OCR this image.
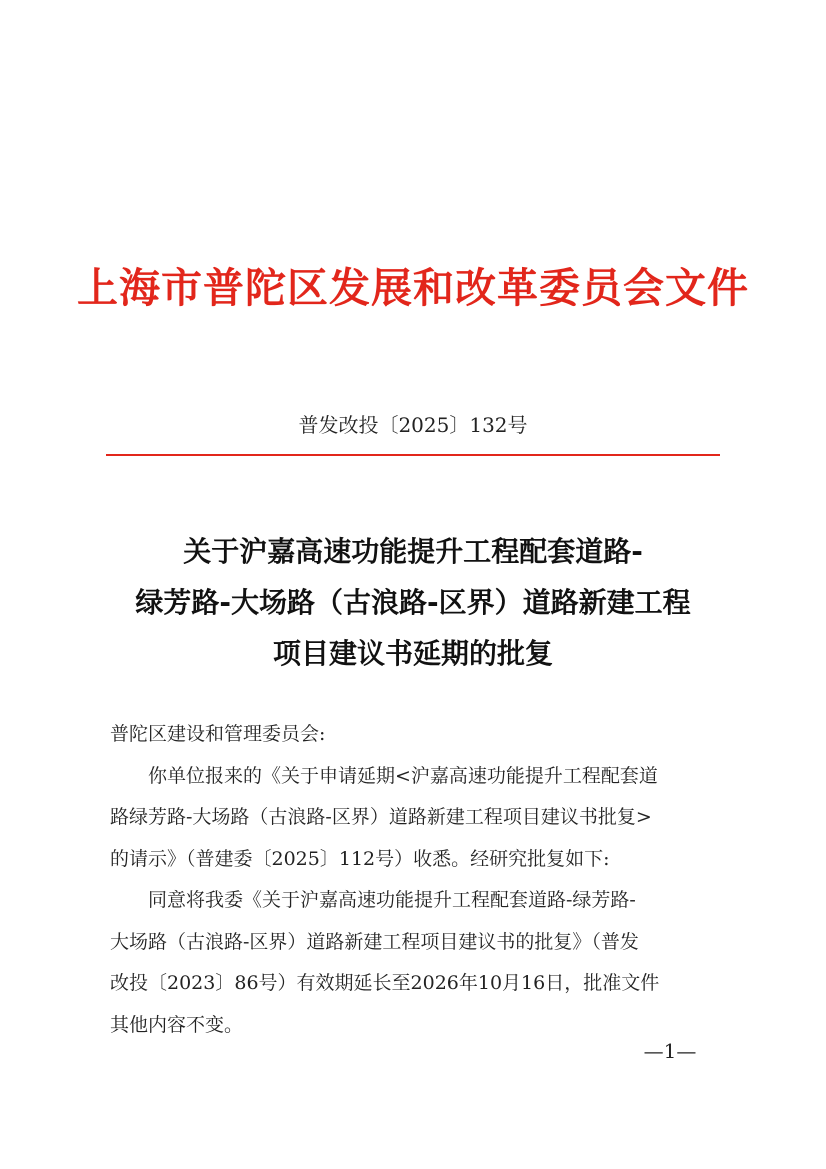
上海市普陀区发展和改革委员会文件
普发改投〔2025〕132号
关于沪嘉高速功能提升工程配套道路-
绿芳路-大场路（古浪路-区界）道路新建工程
项目建议书延期的批复
普陀区建设和管理委员会:
你单位报来的《关于申请延期<沪嘉高速功能提升工程配套道
路绿芳路-大场路（古浪路-区界）道路新建工程项目建议书批复>
的请示》（普建委〔2025〕112号）收悉。经研究批复如下:
同意将我委《关于沪嘉高速功能提升工程配套道路-绿芳路-
大场路（古浪路-区界）道路新建工程项目建议书的批复》（普发
改投〔2023〕86号）有效期延长至2026年10月16日，批准文件
其他内容不变。
—1—
